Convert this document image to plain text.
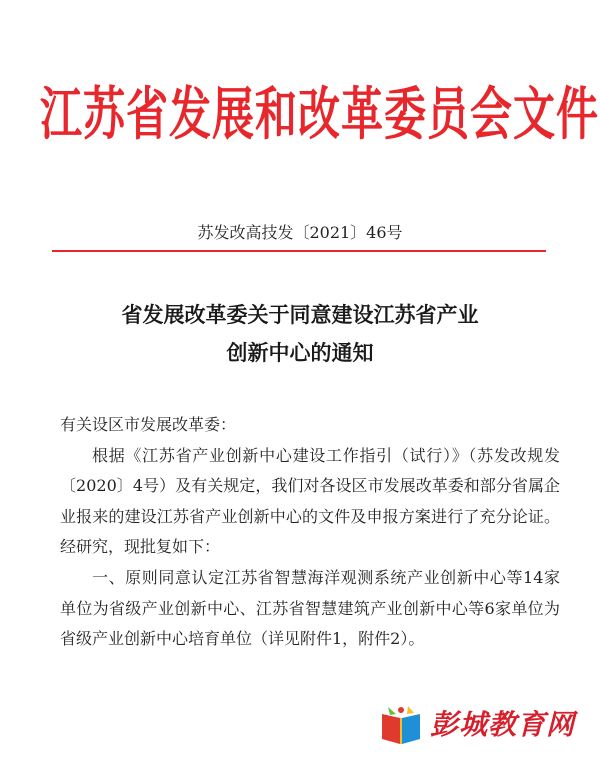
江苏省发展和改革委员会文件
苏发改高技发〔2021〕46号
省发展改革委关于同意建设江苏省产业
创新中心的通知

有关设区市发展改革委：

根据《江苏省产业创新中心建设工作指引（试行）》（苏发改规发〔2020〕4号）及有关规定，我们对各设区市发展改革委和部分省属企业报来的建设江苏省产业创新中心的文件及申报方案进行了充分论证。经研究，现批复如下：

一、原则同意认定江苏省智慧海洋观测系统产业创新中心等14家单位为省级产业创新中心、江苏省智慧建筑产业创新中心等6家单位为省级产业创新中心培育单位（详见附件1，附件2）。

彭城教育网
